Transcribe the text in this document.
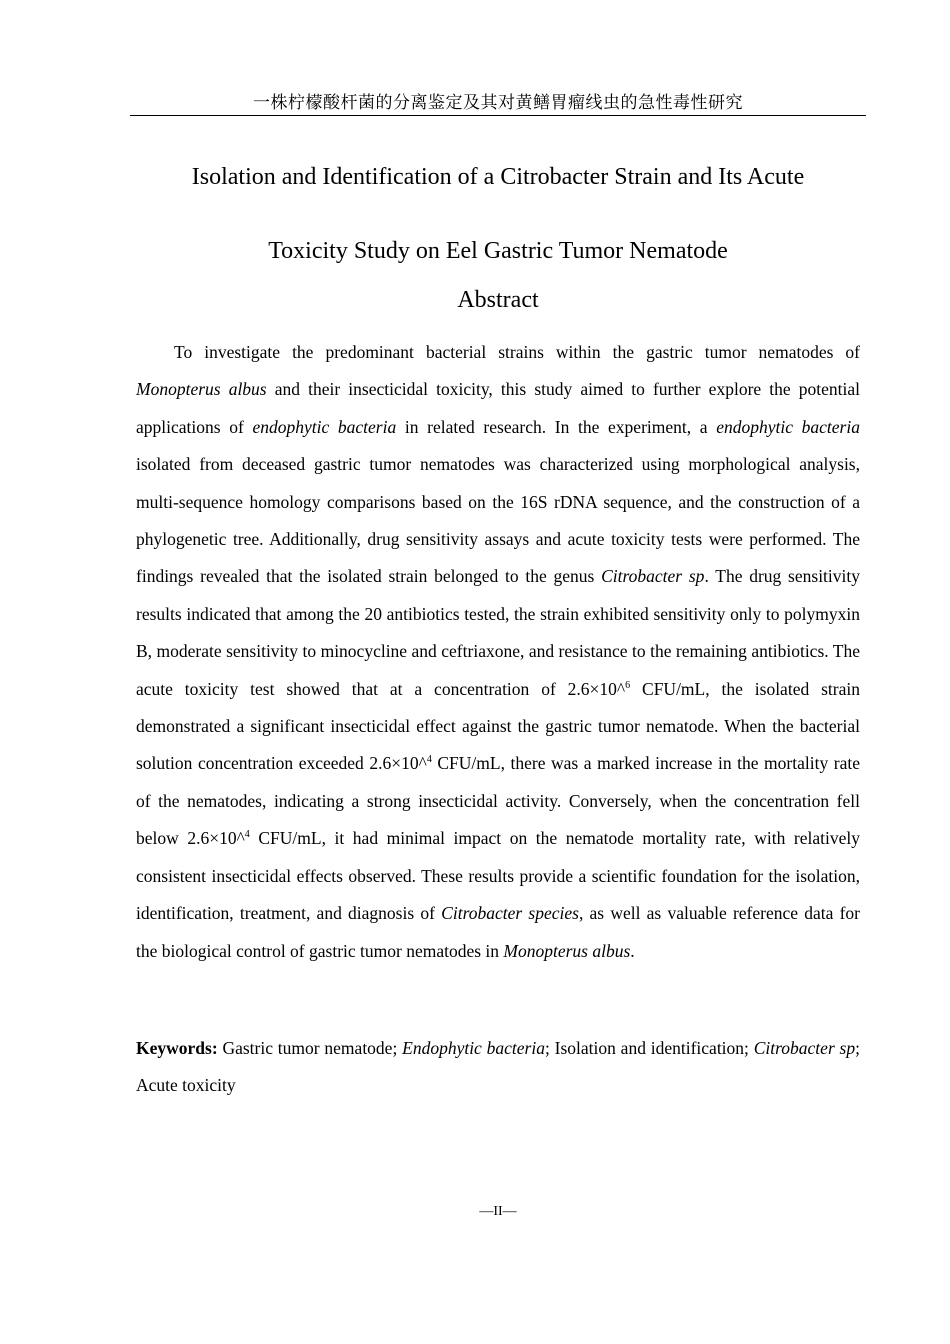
一株柠檬酸杆菌的分离鉴定及其对黄鳝胃瘤线虫的急性毒性研究
Isolation and Identification of a Citrobacter Strain and Its Acute
Toxicity Study on Eel Gastric Tumor Nematode
Abstract

To investigate the predominant bacterial strains within the gastric tumor nematodes of Monopterus albus and their insecticidal toxicity, this study aimed to further explore the potential applications of endophytic bacteria in related research. In the experiment, a endophytic bacteria isolated from deceased gastric tumor nematodes was characterized using morphological analysis, multi-sequence homology comparisons based on the 16S rDNA sequence, and the construction of a phylogenetic tree. Additionally, drug sensitivity assays and acute toxicity tests were performed. The findings revealed that the isolated strain belonged to the genus Citrobacter sp. The drug sensitivity results indicated that among the 20 antibiotics tested, the strain exhibited sensitivity only to polymyxin B, moderate sensitivity to minocycline and ceftriaxone, and resistance to the remaining antibiotics. The acute toxicity test showed that at a concentration of 2.6×10^$^6$ CFU/mL, the isolated strain demonstrated a significant insecticidal effect against the gastric tumor nematode. When the bacterial solution concentration exceeded 2.6×10^$^4$ CFU/mL, there was a marked increase in the mortality rate of the nematodes, indicating a strong insecticidal activity. Conversely, when the concentration fell below 2.6×10^$^4$ CFU/mL, it had minimal impact on the nematode mortality rate, with relatively consistent insecticidal effects observed. These results provide a scientific foundation for the isolation, identification, treatment, and diagnosis of Citrobacter species, as well as valuable reference data for the biological control of gastric tumor nematodes in Monopterus albus.

Keywords: Gastric tumor nematode; Endophytic bacteria; Isolation and identification; Citrobacter sp; Acute toxicity

—II—
